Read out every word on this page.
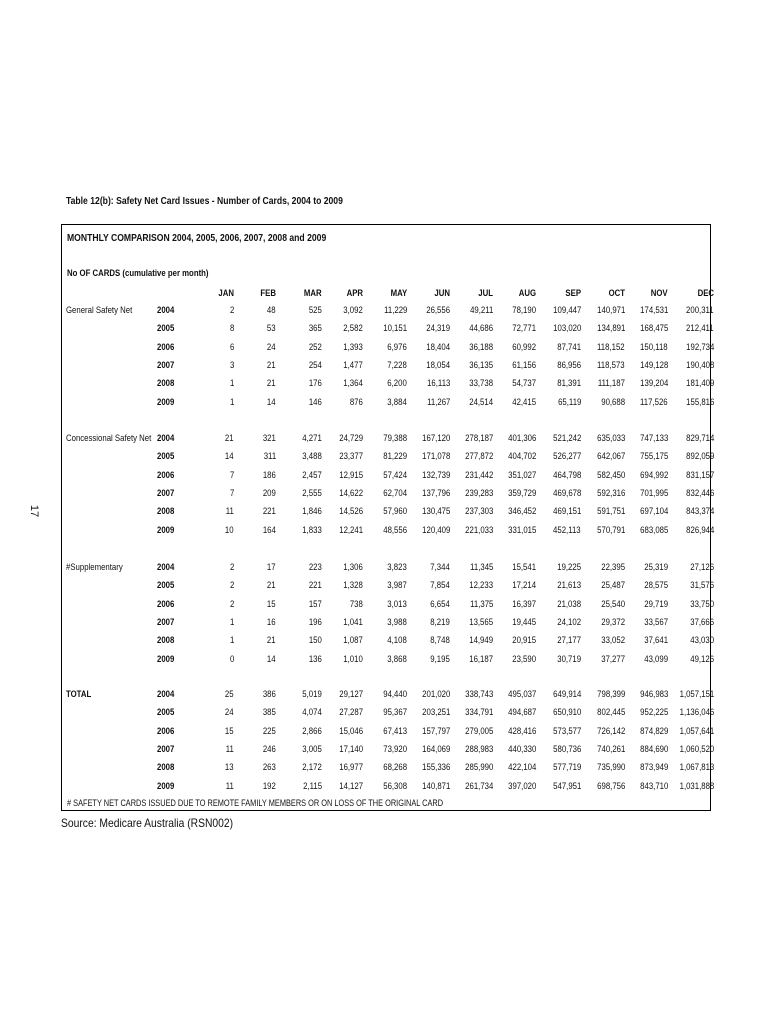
17
Table 12(b): Safety Net Card Issues - Number of Cards, 2004 to 2009
MONTHLY COMPARISON 2004, 2005, 2006, 2007, 2008 and 2009
No OF CARDS (cumulative per month)
JAN	FEB	MAR	APR	MAY	JUN	JUL	AUG	SEP	OCT	NOV	DEC
General Safety Net	2004	2	48	525 3,092 11,229 26,556 49,211 78,190 109,447 140,971 174,531 200,311
2005	8	53	365 2,582 10,151 24,319 44,686 72,771 103,020 134,891 168,475 212,411
2006	6	24	252 1,393	6,976 18,404 36,188 60,992 87,741 118,152 150,118 192,734
2007	3	21	254 1,477	7,228 18,054 36,135 61,156 86,956 118,573 149,128 190,408
2008	1	21	176 1,364	6,200 16,113 33,738 54,737 81,391 111,187 139,204 181,409
2009	1	14	146	876	3,884 11,267 24,514 42,415 65,119 90,688 117,526 155,816
Concessional Safety Net 2004	21	321	4,271 24,729 79,388 167,120 278,187 401,306 521,242 635,033 747,133 829,714
2005	14	311	3,488 23,377 81,229 171,078 277,872 404,702 526,277 642,067 755,175 892,059
2006	7	186	2,457 12,915 57,424 132,739 231,442 351,027 464,798 582,450 694,992 831,157
2007	7	209	2,555 14,622 62,704 137,796 239,283 359,729 469,678 592,316 701,995 832,446
2008	11	221	1,846 14,526 57,960 130,475 237,303 346,452 469,151 591,751 697,104 843,374
2009	10	164	1,833 12,241 48,556 120,409 221,033 331,015 452,113 570,791 683,085 826,944
#Supplementary	2004	2	17	223 1,306	3,823 7,344 11,345 15,541 19,225 22,395 25,319 27,126
2005	2	21	221 1,328	3,987 7,854 12,233 17,214 21,613 25,487 28,575 31,576
2006	2	15	157	738	3,013 6,654 11,375 16,397 21,038 25,540 29,719 33,750
2007	1	16	196 1,041	3,988 8,219 13,565 19,445 24,102 29,372 33,567 37,666
2008	1	21	150 1,087	4,108 8,748 14,949 20,915 27,177 33,052 37,641 43,030
2009	0	14	136 1,010	3,868 9,195 16,187 23,590 30,719 37,277 43,099 49,126
TOTAL	2004	25	386	5,019 29,127 94,440 201,020 338,743 495,037 649,914 798,399 946,983 1,057,151
2005	24	385	4,074 27,287 95,367 203,251 334,791 494,687 650,910 802,445 952,225 1,136,046
2006	15	225	2,866 15,046 67,413 157,797 279,005 428,416 573,577 726,142 874,829 1,057,641
2007	11	246	3,005 17,140 73,920 164,069 288,983 440,330 580,736 740,261 884,690 1,060,520
2008	13	263	2,172 16,977 68,268 155,336 285,990 422,104 577,719 735,990 873,949 1,067,813
2009	11	192	2,115 14,127 56,308 140,871 261,734 397,020 547,951 698,756 843,710 1,031,888
# SAFETY NET CARDS ISSUED DUE TO REMOTE FAMILY MEMBERS OR ON LOSS OF THE ORIGINAL CARD
Source: Medicare Australia (RSN002)
